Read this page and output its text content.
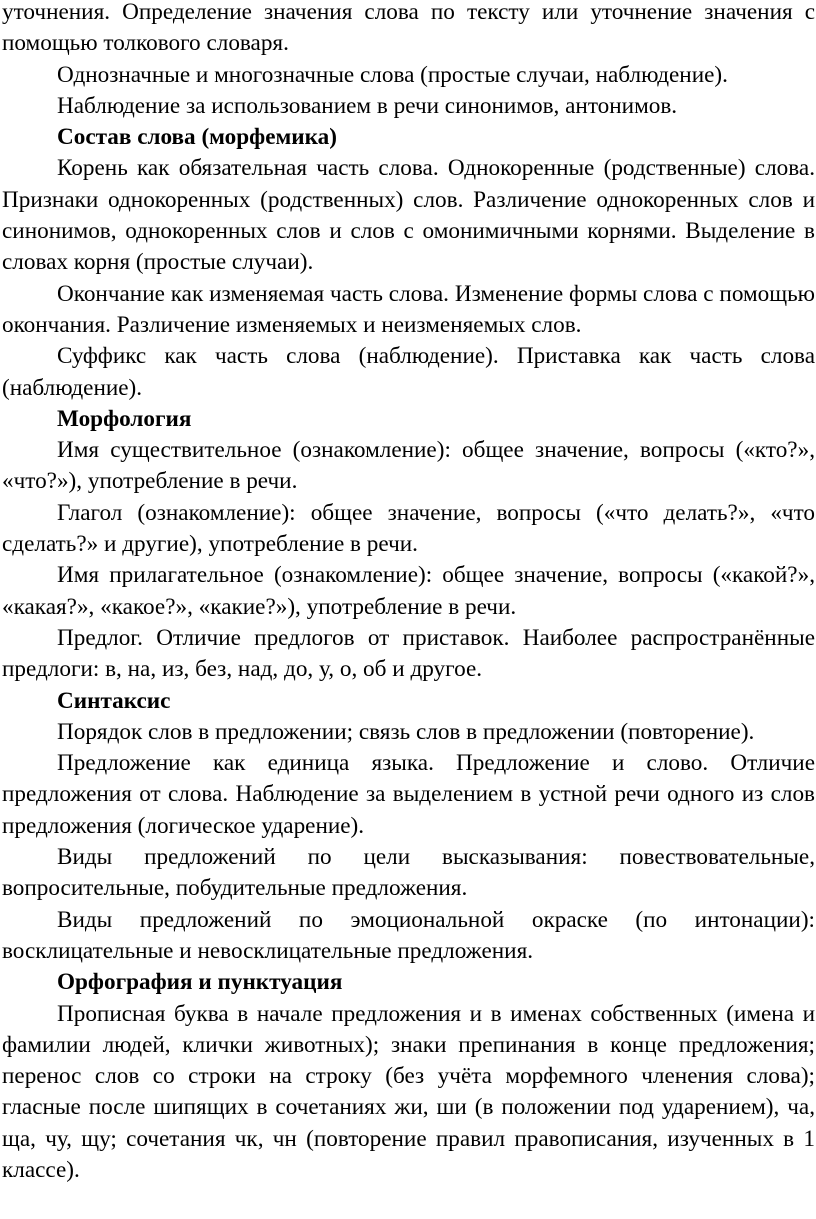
уточнения. Определение значения слова по тексту или уточнение значения с помощью толкового словаря.

Однозначные и многозначные слова (простые случаи, наблюдение).

Наблюдение за использованием в речи синонимов, антонимов.

Состав слова (морфемика)

Корень как обязательная часть слова. Однокоренные (родственные) слова. Признаки однокоренных (родственных) слов. Различение однокоренных слов и синонимов, однокоренных слов и слов с омонимичными корнями. Выделение в словах корня (простые случаи).

Окончание как изменяемая часть слова. Изменение формы слова с помощью окончания. Различение изменяемых и неизменяемых слов.

Суффикс как часть слова (наблюдение). Приставка как часть слова (наблюдение).

Морфология

Имя существительное (ознакомление): общее значение, вопросы («кто?», «что?»), употребление в речи.

Глагол (ознакомление): общее значение, вопросы («что делать?», «что сделать?» и другие), употребление в речи.

Имя прилагательное (ознакомление): общее значение, вопросы («какой?», «какая?», «какое?», «какие?»), употребление в речи.

Предлог. Отличие предлогов от приставок. Наиболее распространённые предлоги: в, на, из, без, над, до, у, о, об и другое.

Синтаксис

Порядок слов в предложении; связь слов в предложении (повторение).

Предложение как единица языка. Предложение и слово. Отличие предложения от слова. Наблюдение за выделением в устной речи одного из слов предложения (логическое ударение).

Виды предложений по цели высказывания: повествовательные, вопросительные, побудительные предложения.

Виды предложений по эмоциональной окраске (по интонации): восклицательные и невосклицательные предложения.

Орфография и пунктуация

Прописная буква в начале предложения и в именах собственных (имена и фамилии людей, клички животных); знаки препинания в конце предложения; перенос слов со строки на строку (без учёта морфемного членения слова); гласные после шипящих в сочетаниях жи, ши (в положении под ударением), ча, ща, чу, щу; сочетания чк, чн (повторение правил правописания, изученных в 1 классе).
